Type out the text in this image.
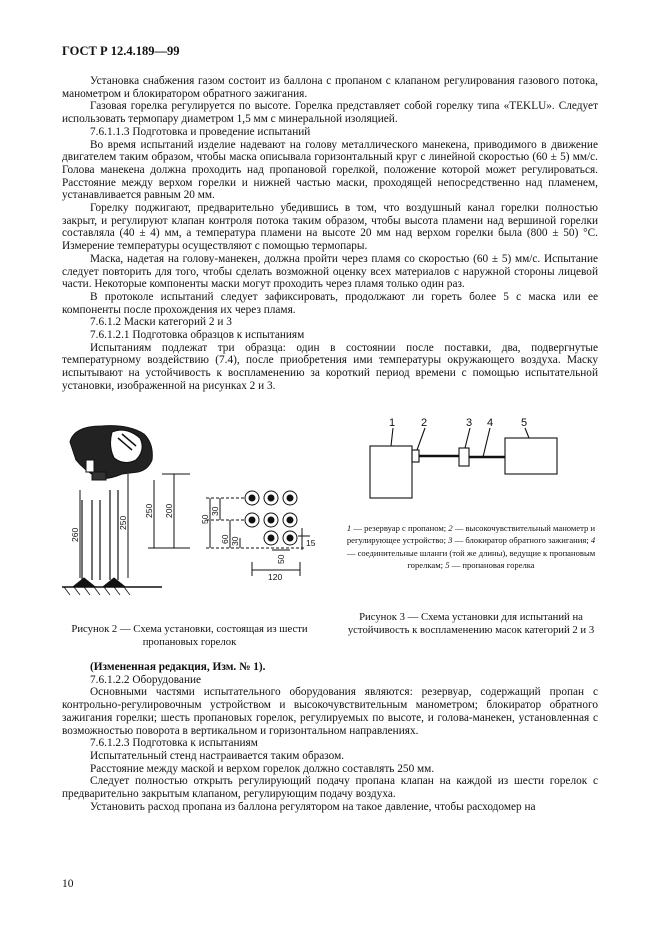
ГОСТ Р 12.4.189—99

Установка снабжения газом состоит из баллона с пропаном с клапаном регулирования газового потока, манометром и блокиратором обратного зажигания.

Газовая горелка регулируется по высоте. Горелка представляет собой горелку типа «TEKLU». Следует использовать термопару диаметром 1,5 мм с минеральной изоляцией.

7.6.1.1.3 Подготовка и проведение испытаний

Во время испытаний изделие надевают на голову металлического манекена, приводимого в движение двигателем таким образом, чтобы маска описывала горизонтальный круг с линейной скоростью (60 ± 5) мм/с. Голова манекена должна проходить над пропановой горелкой, положение которой может регулироваться. Расстояние между верхом горелки и нижней частью маски, проходящей непосредственно над пламенем, устанавливается равным 20 мм.

Горелку поджигают, предварительно убедившись в том, что воздушный канал горелки полностью закрыт, и регулируют клапан контроля потока таким образом, чтобы высота пламени над вершиной горелки составляла (40 ± 4) мм, а температура пламени на высоте 20 мм над верхом горелки была (800 ± 50) °С. Измерение температуры осуществляют с помощью термопары.

Маска, надетая на голову-манекен, должна пройти через пламя со скоростью (60 ± 5) мм/с. Испытание следует повторить для того, чтобы сделать возможной оценку всех материалов с наружной стороны лицевой части. Некоторые компоненты маски могут проходить через пламя только один раз.

В протоколе испытаний следует зафиксировать, продолжают ли гореть более 5 с маска или ее компоненты после прохождения их через пламя.

7.6.1.2 Маски категорий 2 и 3

7.6.1.2.1 Подготовка образцов к испытаниям

Испытаниям подлежат три образца: один в состоянии после поставки, два, подвергнутые температурному воздействию (7.4), после приобретения ими температуры окружающего воздуха. Маску испытывают на устойчивость к воспламенению за короткий период времени с помощью испытательной установки, изображенной на рисунках 2 и 3.

260
250
250 200
50
30
60 30	15
50
120
1 2	3 4	5
1 — резервуар с пропаном; 2 — высокочувствительный манометр и регулирующее устройство; 3 — блокиратор обратного зажигания; 4 — соединительные шланги (той же длины), ведущие к пропановым горелкам; 5 — пропановая горелка
Рисунок 2 — Схема установки, состоящая из шести пропановых горелок
Рисунок 3 — Схема установки для испытаний на устойчивость к воспламенению масок категорий 2 и 3

(Измененная редакция, Изм. № 1).

7.6.1.2.2 Оборудование

Основными частями испытательного оборудования являются: резервуар, содержащий пропан с контрольно-регулировочным устройством и высокочувствительным манометром; блокиратор обратного зажигания горелки; шесть пропановых горелок, регулируемых по высоте, и голова-манекен, установленная с возможностью поворота в вертикальном и горизонтальном направлениях.

7.6.1.2.3 Подготовка к испытаниям

Испытательный стенд настраивается таким образом.

Расстояние между маской и верхом горелок должно составлять 250 мм.

Следует полностью открыть регулирующий подачу пропана клапан на каждой из шести горелок с предварительно закрытым клапаном, регулирующим подачу воздуха.

Установить расход пропана из баллона регулятором на такое давление, чтобы расходомер на

10
